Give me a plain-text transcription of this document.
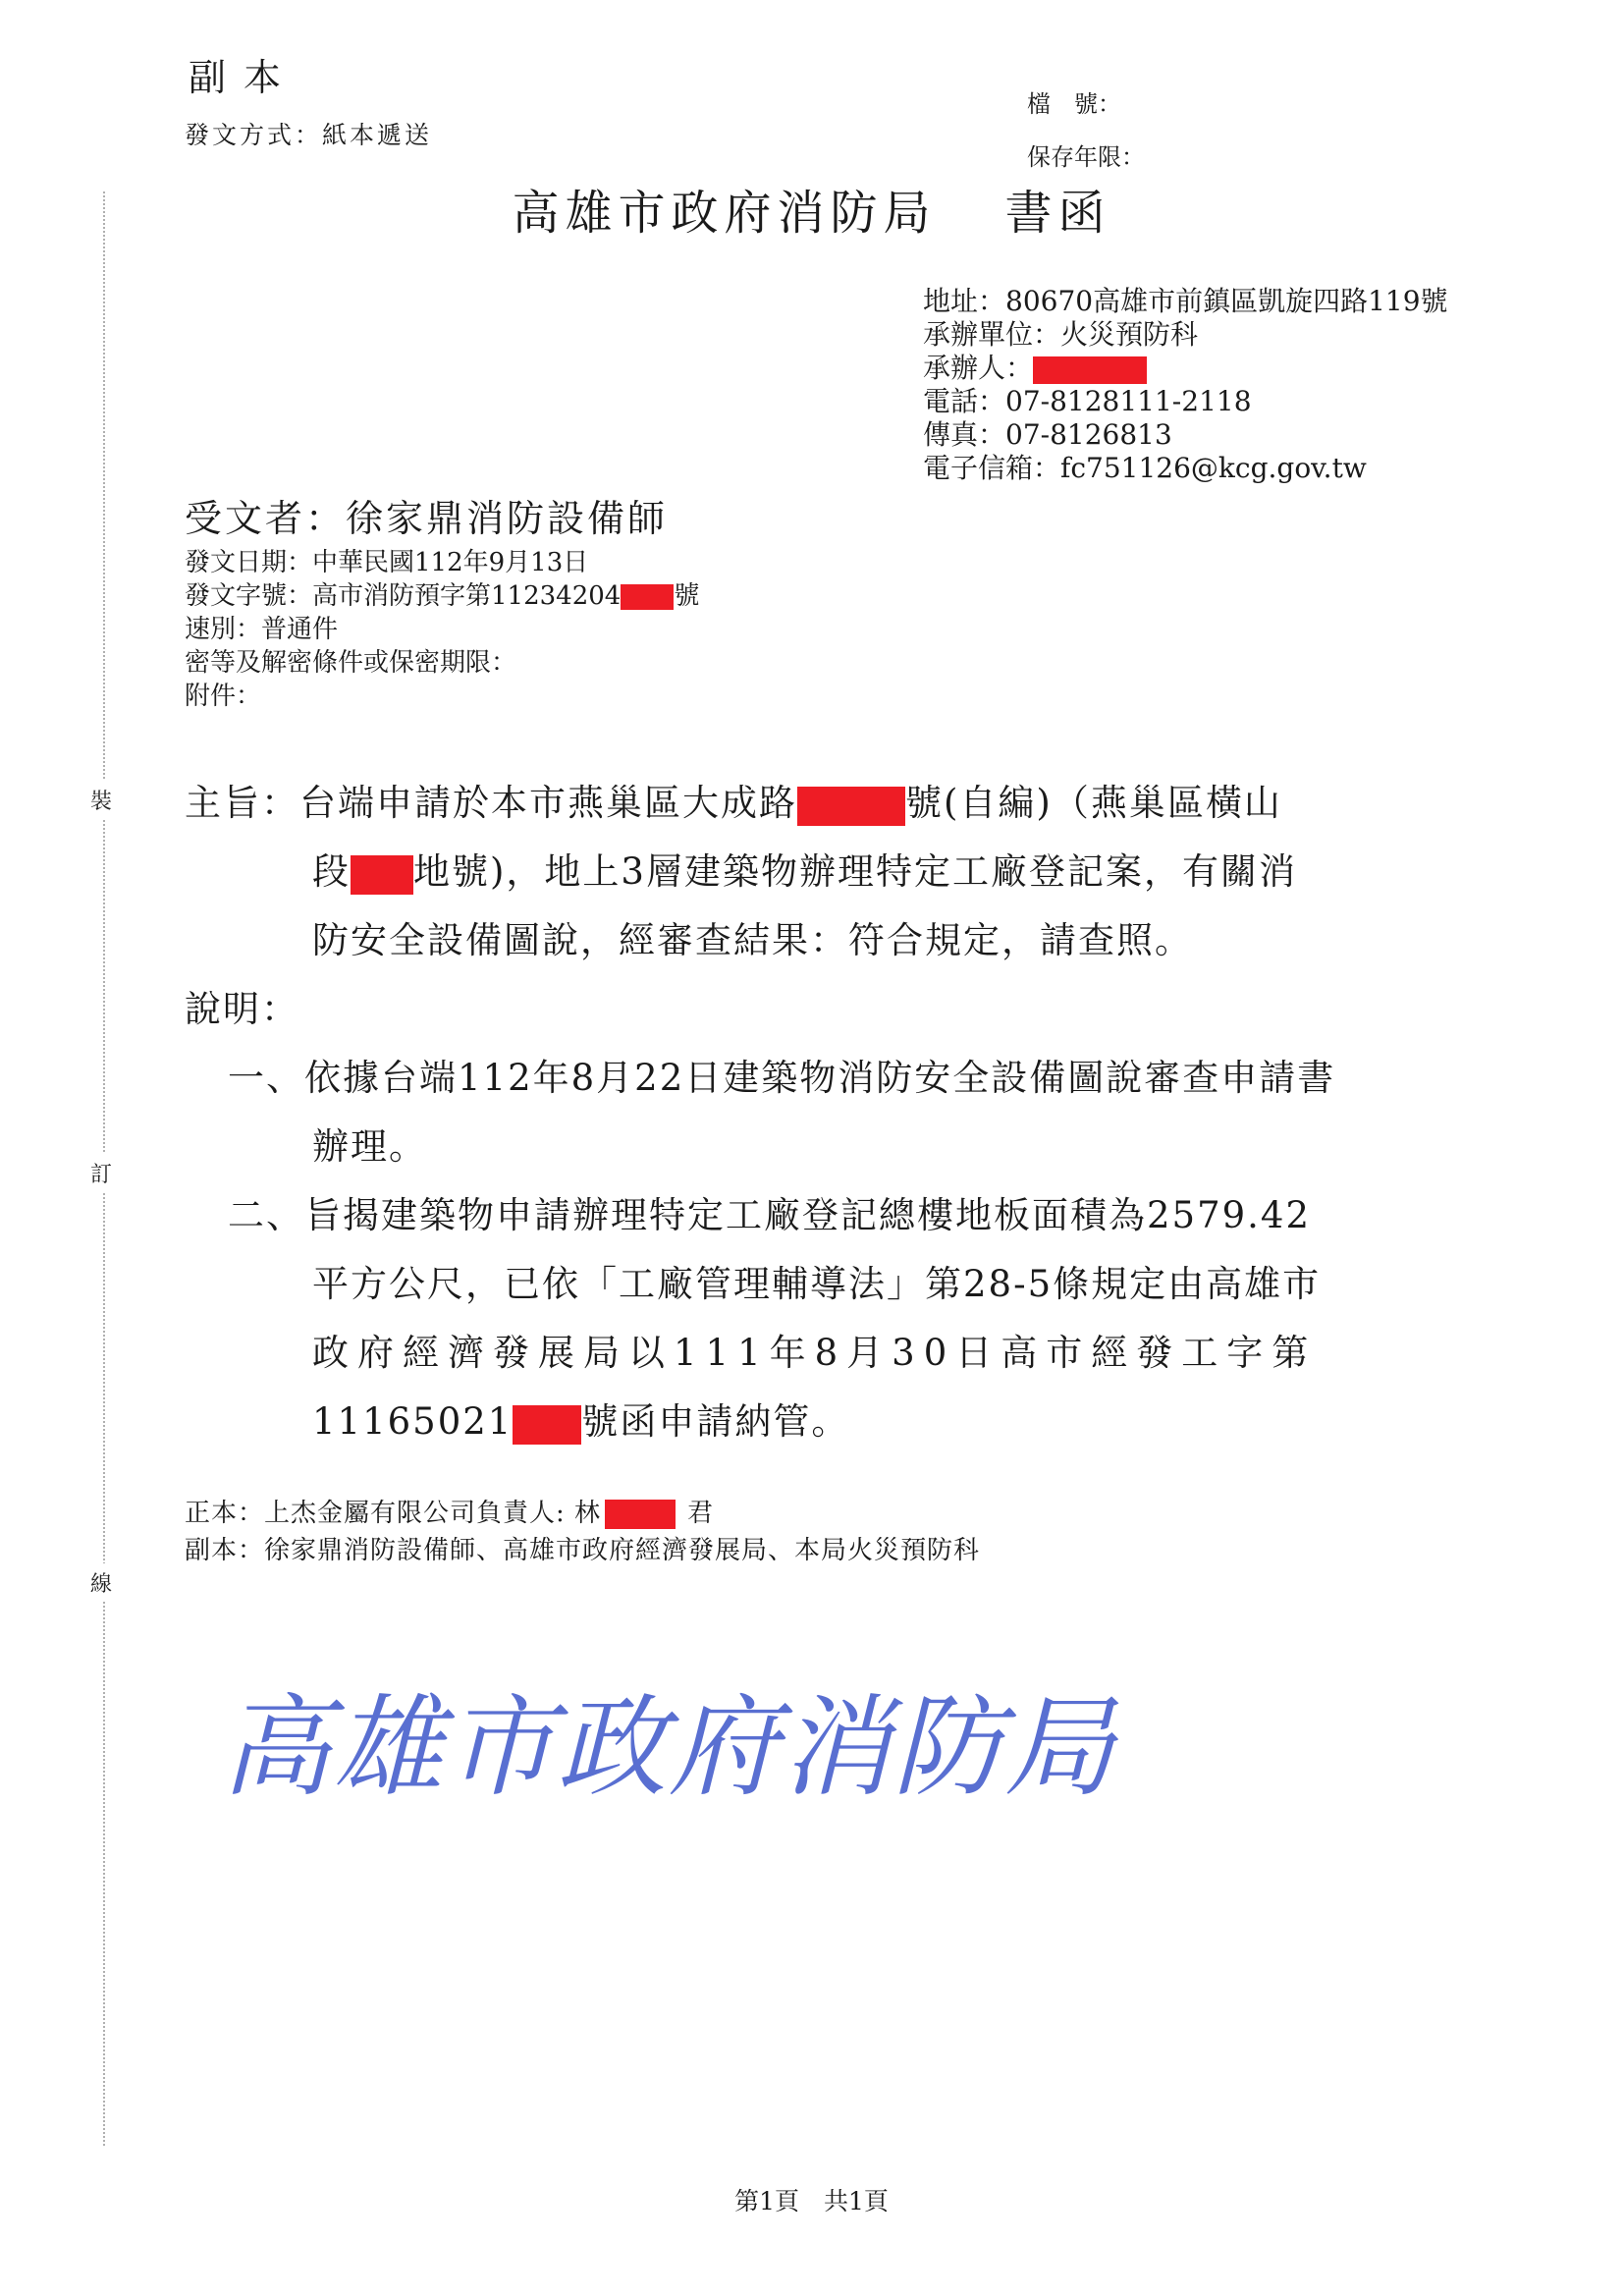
裝
訂
線
副本
發文方式：紙本遞送
檔　號：
保存年限：
高雄市政府消防局 書函
地址：80670高雄市前鎮區凱旋四路119號
承辦單位：火災預防科
承辦人：
電話：07-8128111-2118
傳真：07-8126813
電子信箱：fc751126@kcg.gov.tw
受文者：徐家鼎消防設備師
發文日期：中華民國112年9月13日
發文字號：高市消防預字第11234204 號
速別：普通件
密等及解密條件或保密期限：
附件：
主旨：台端申請於本市燕巢區大成路	號(自編)（燕巢區橫山
段 地號)，地上3層建築物辦理特定工廠登記案，有關消
防安全設備圖說，經審查結果：符合規定，請查照。
說明：
一、依據台端112年8月22日建築物消防安全設備圖說審查申請書
辦理。
二、旨揭建築物申請辦理特定工廠登記總樓地板面積為2579.42
平方公尺，已依「工廠管理輔導法」第28-5條規定由高雄市
政府經濟發展局以111年8月30日高市經發工字第
11165021 號函申請納管。
正本：上杰金屬有限公司負責人: 林	君
副本：徐家鼎消防設備師、高雄市政府經濟發展局、本局火災預防科
高雄市政府消防局
第1頁　共1頁
